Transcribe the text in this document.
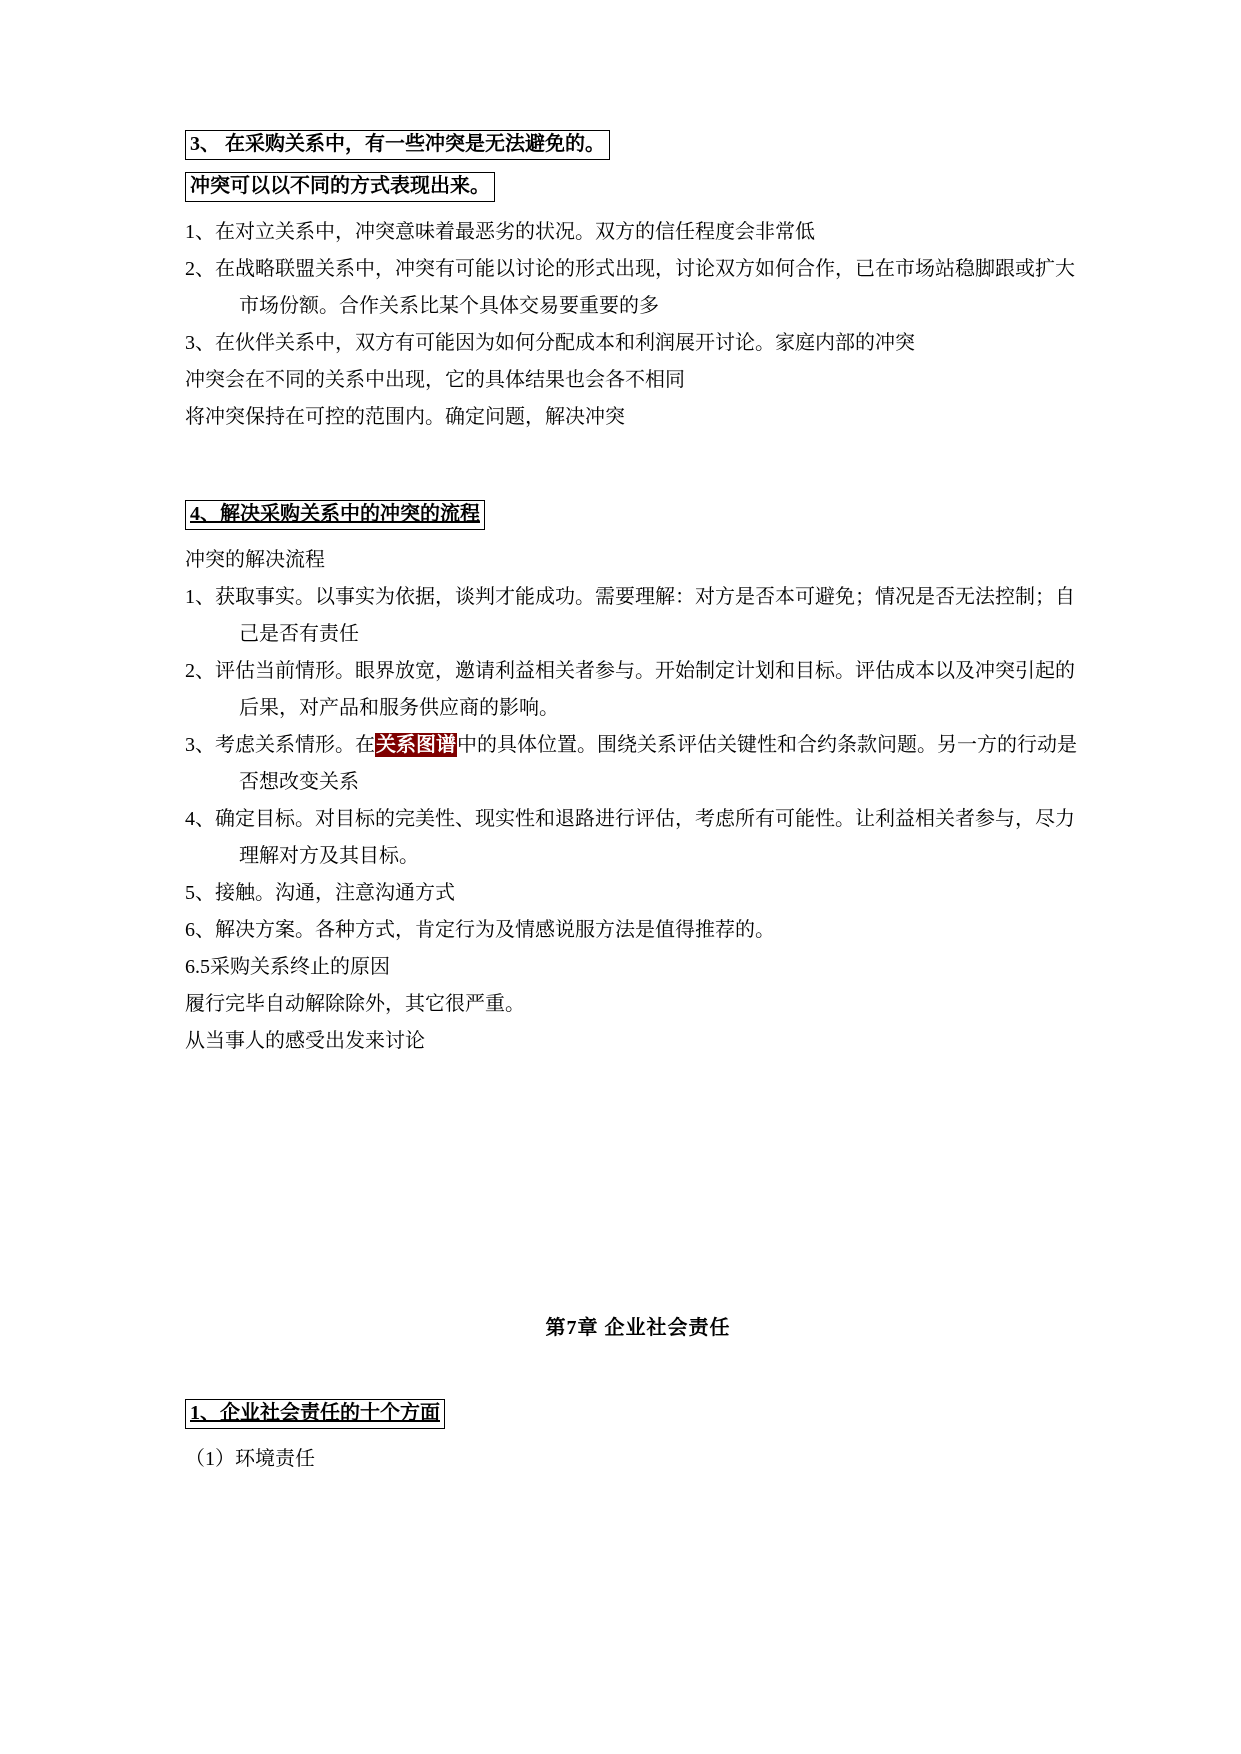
3、 在采购关系中，有一些冲突是无法避免的。
冲突可以以不同的方式表现出来。

1、在对立关系中，冲突意味着最恶劣的状况。双方的信任程度会非常低

2、在战略联盟关系中，冲突有可能以讨论的形式出现，讨论双方如何合作，已在市场站稳脚跟或扩大市场份额。合作关系比某个具体交易要重要的多

3、在伙伴关系中，双方有可能因为如何分配成本和利润展开讨论。家庭内部的冲突

冲突会在不同的关系中出现，它的具体结果也会各不相同

将冲突保持在可控的范围内。确定问题，解决冲突

4、解决采购关系中的冲突的流程

冲突的解决流程

1、获取事实。以事实为依据，谈判才能成功。需要理解：对方是否本可避免；情况是否无法控制；自己是否有责任

2、评估当前情形。眼界放宽，邀请利益相关者参与。开始制定计划和目标。评估成本以及冲突引起的后果，对产品和服务供应商的影响。

3、考虑关系情形。在关系图谱中的具体位置。围绕关系评估关键性和合约条款问题。另一方的行动是否想改变关系

4、确定目标。对目标的完美性、现实性和退路进行评估，考虑所有可能性。让利益相关者参与，尽力理解对方及其目标。

5、接触。沟通，注意沟通方式

6、解决方案。各种方式，肯定行为及情感说服方法是值得推荐的。

6.5采购关系终止的原因

履行完毕自动解除除外，其它很严重。

从当事人的感受出发来讨论

第7章 企业社会责任

1、企业社会责任的十个方面

（1）环境责任
